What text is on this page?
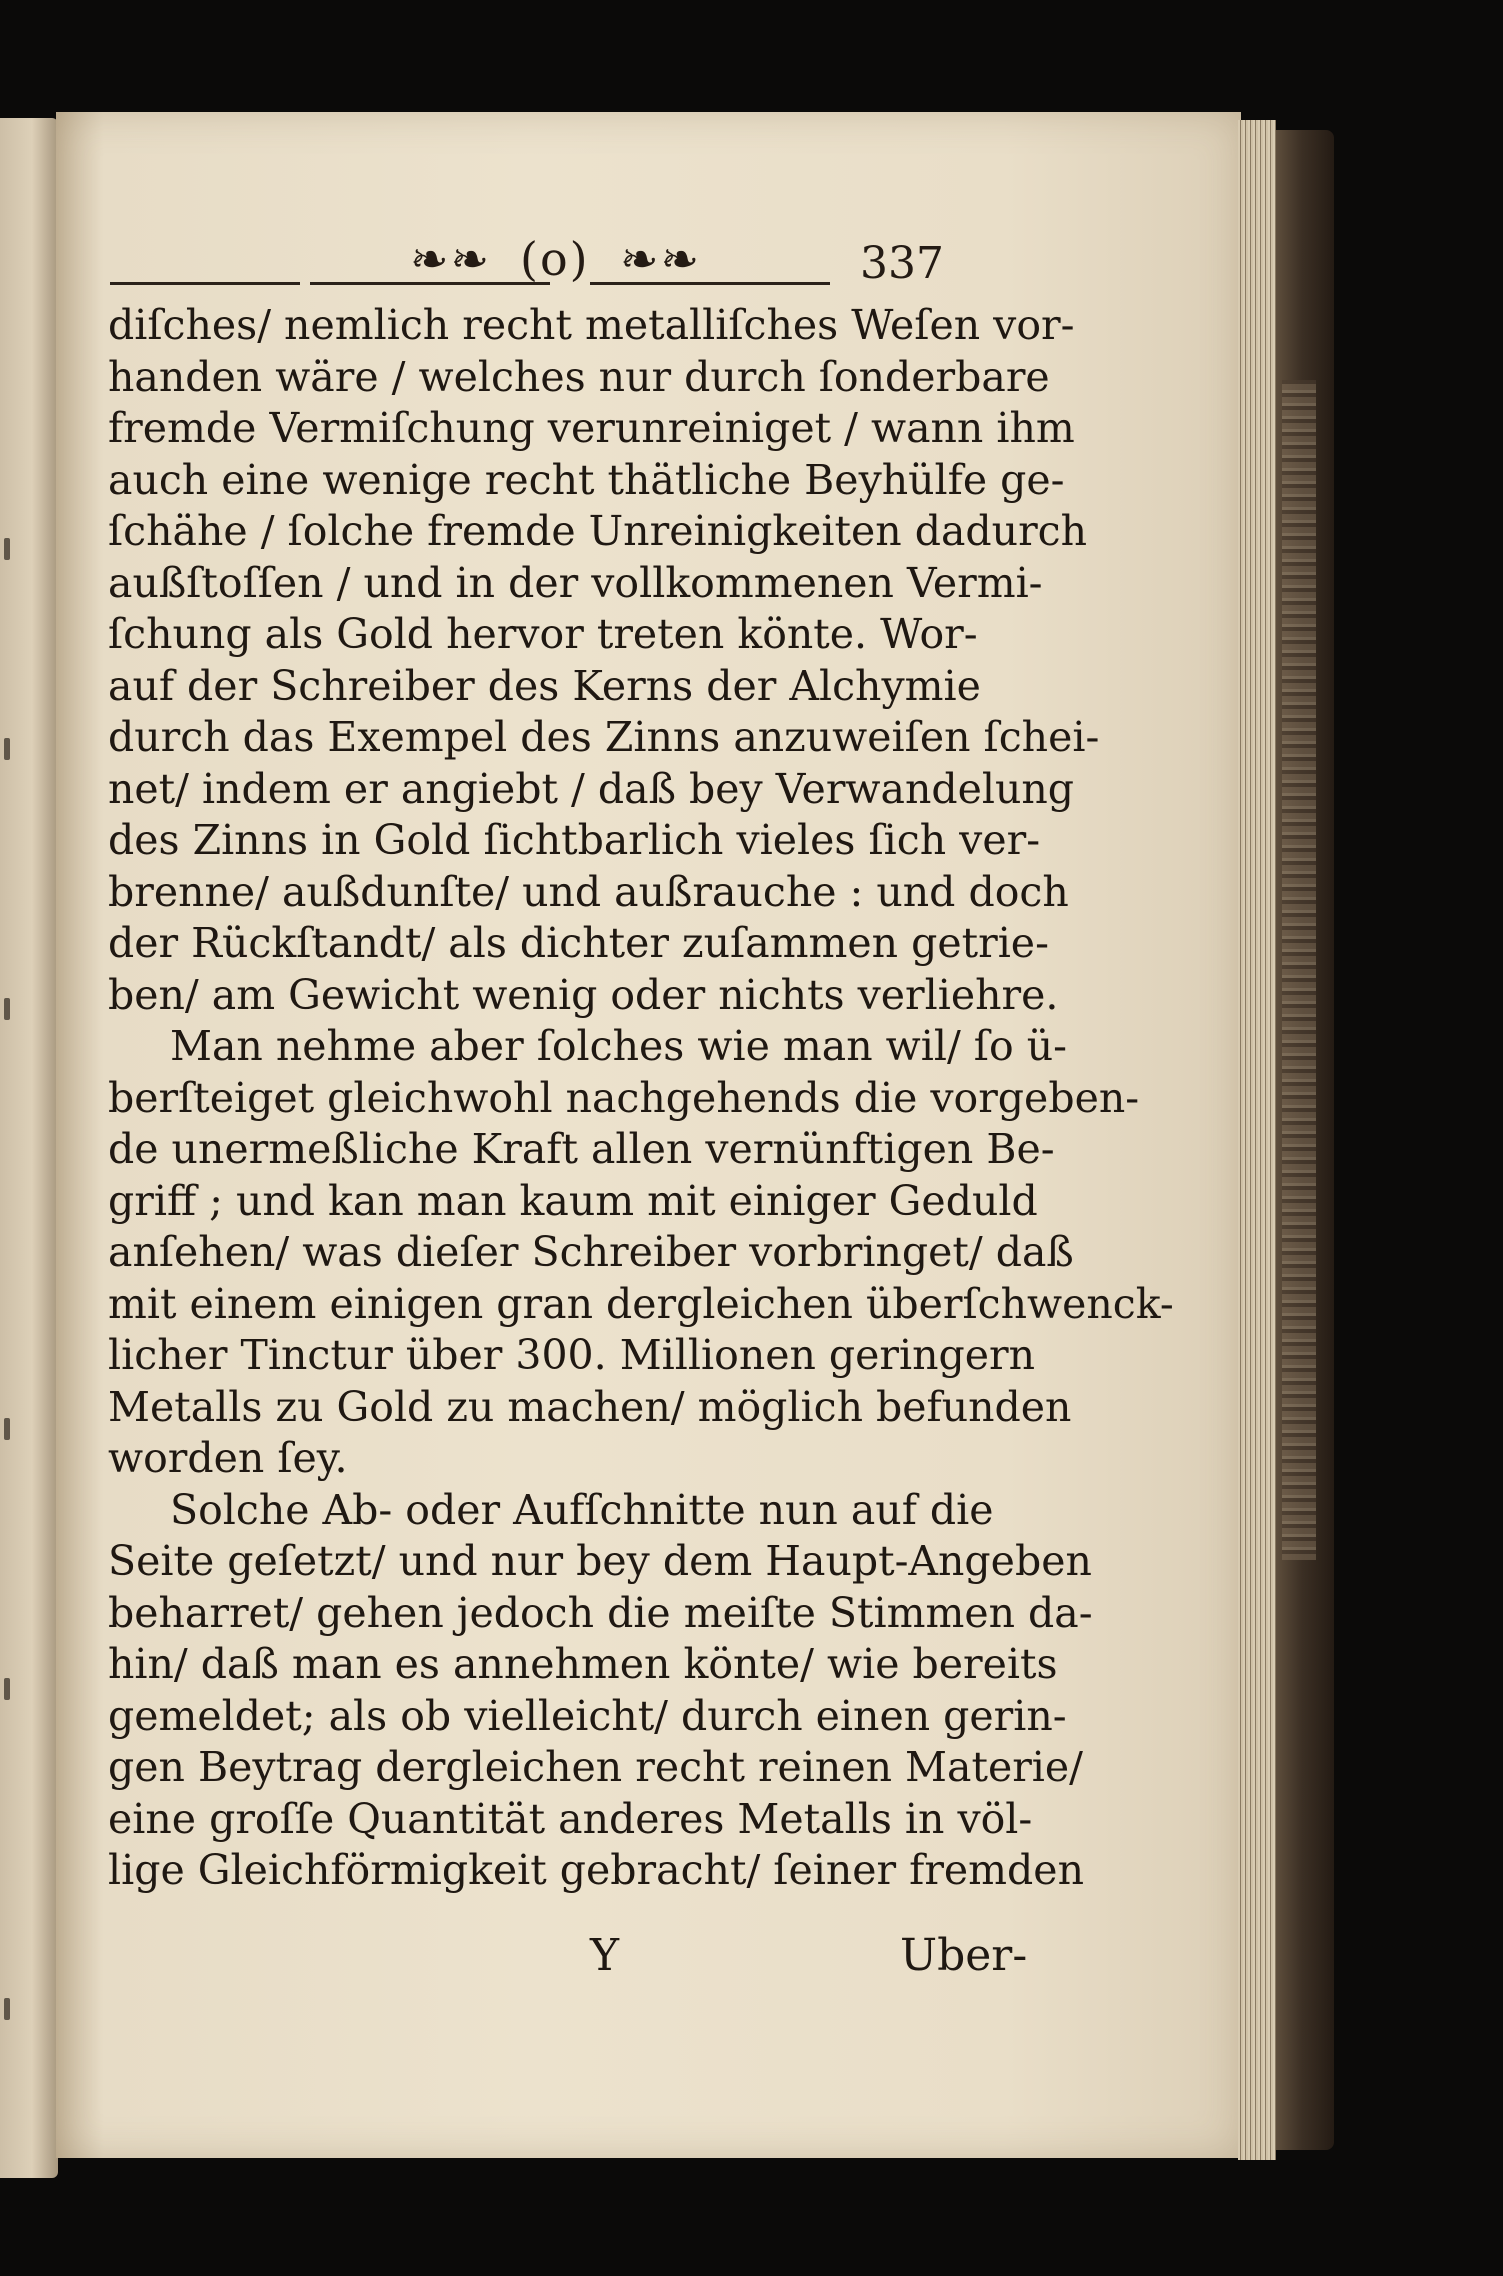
❧❧ (o) ❧❧	337
diſches/ nemlich recht metalliſches Weſen vor-
handen wäre / welches nur durch ſonderbare
fremde Vermiſchung verunreiniget / wann ihm
auch eine wenige recht thätliche Beyhülfe ge-
ſchähe / ſolche fremde Unreinigkeiten dadurch
außſtoſſen / und in der vollkommenen Vermi-
ſchung als Gold hervor treten könte. Wor-
auf der Schreiber des Kerns der Alchymie
durch das Exempel des Zinns anzuweiſen ſchei-
net/ indem er angiebt / daß bey Verwandelung
des Zinns in Gold ſichtbarlich vieles ſich ver-
brenne/ außdunſte/ und außrauche : und doch
der Rückſtandt/ als dichter zuſammen getrie-
ben/ am Gewicht wenig oder nichts verliehre.
Man nehme aber ſolches wie man wil/ ſo ü-
berſteiget gleichwohl nachgehends die vorgeben-
de unermeßliche Kraft allen vernünftigen Be-
griff ; und kan man kaum mit einiger Geduld
anſehen/ was dieſer Schreiber vorbringet/ daß
mit einem einigen gran dergleichen überſchwenck-
licher Tinctur über 300. Millionen geringern
Metalls zu Gold zu machen/ möglich befunden
worden ſey.
Solche Ab- oder Aufſchnitte nun auf die
Seite geſetzt/ und nur bey dem Haupt-Angeben
beharret/ gehen jedoch die meiſte Stimmen da-
hin/ daß man es annehmen könte/ wie bereits
gemeldet; als ob vielleicht/ durch einen gerin-
gen Beytrag dergleichen recht reinen Materie/
eine groſſe Quantität anderes Metalls in völ-
lige Gleichförmigkeit gebracht/ ſeiner fremden
Y	Uber-
